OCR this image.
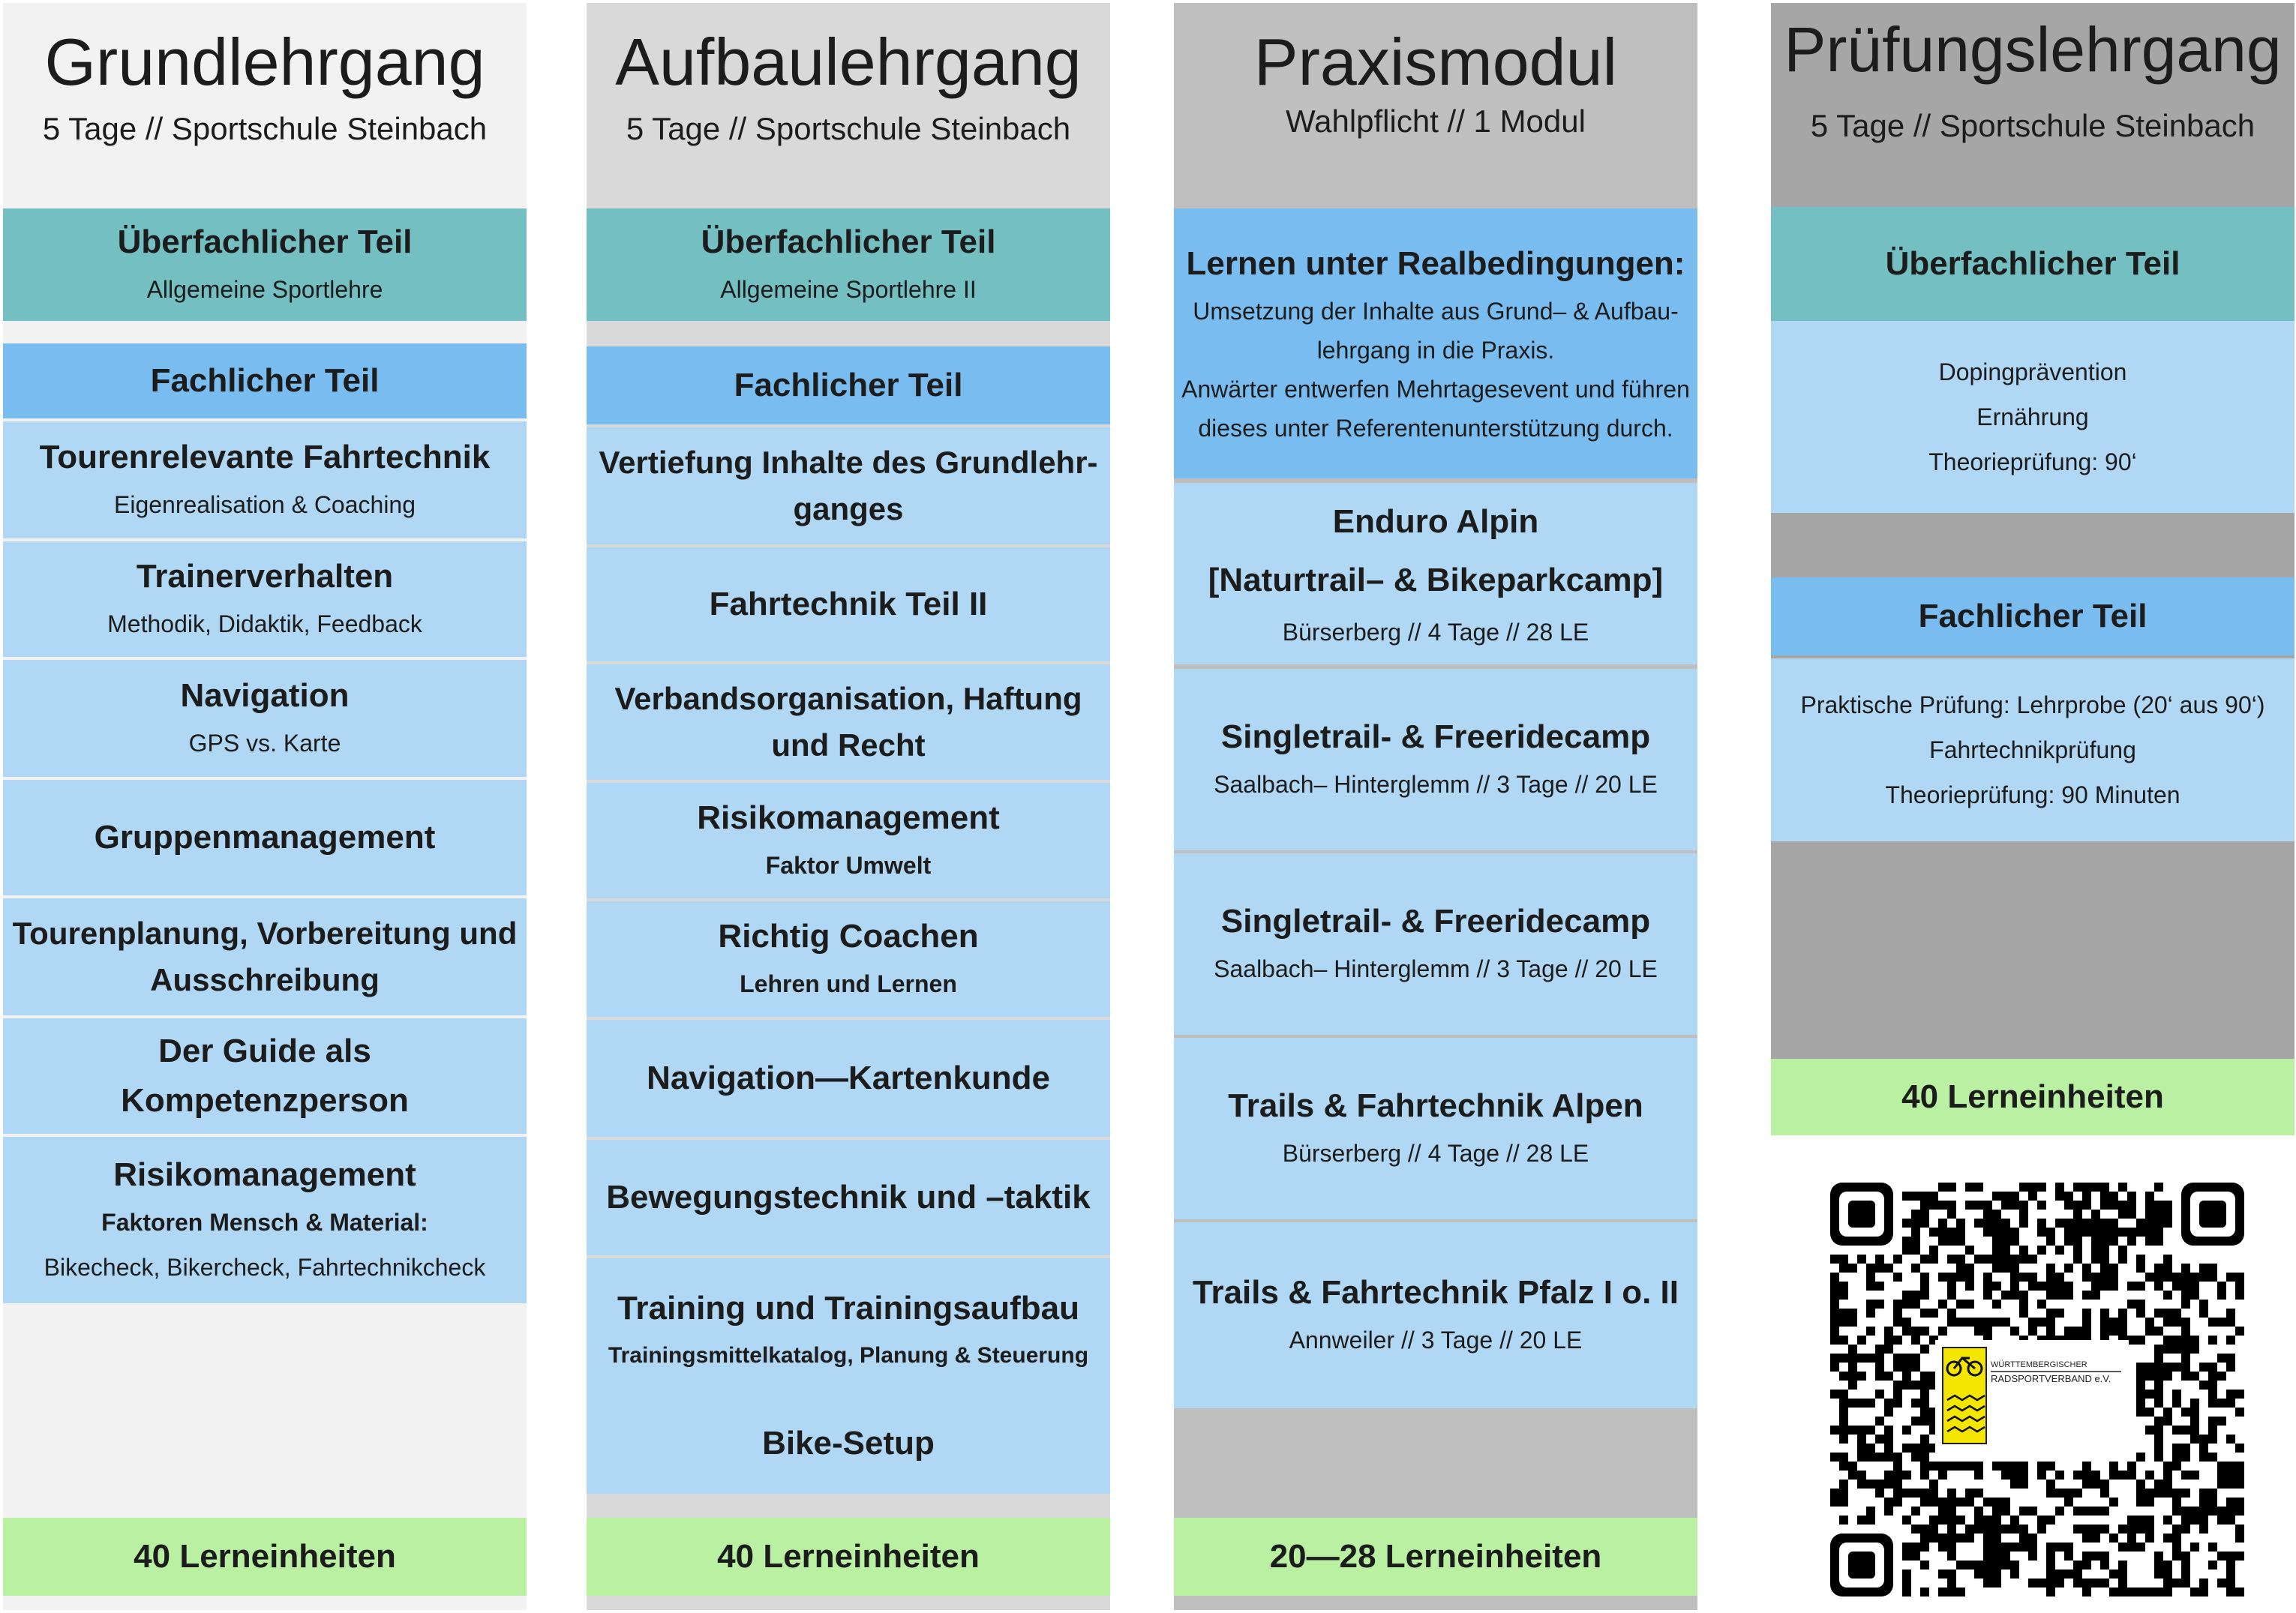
Grundlehrgang
5 Tage // Sportschule Steinbach
Überfachlicher Teil
Allgemeine Sportlehre
Fachlicher Teil
Tourenrelevante Fahrtechnik
Eigenrealisation & Coaching
Trainerverhalten
Methodik, Didaktik, Feedback
Navigation
GPS vs. Karte
Gruppenmanagement
Tourenplanung, Vorbereitung und
Ausschreibung
Der Guide als Kompetenzperson
Risikomanagement
Faktoren Mensch & Material:
Bikecheck, Bikercheck, Fahrtechnikcheck
40 Lerneinheiten
Aufbaulehrgang
5 Tage // Sportschule Steinbach
Überfachlicher Teil
Allgemeine Sportlehre II
Fachlicher Teil
Vertiefung Inhalte des Grundlehr-
ganges
Fahrtechnik Teil II
Verbandsorganisation, Haftung
und Recht
Risikomanagement
Faktor Umwelt
Richtig Coachen
Lehren und Lernen
Navigation—Kartenkunde
Bewegungstechnik und –taktik
Training und Trainingsaufbau
Trainingsmittelkatalog, Planung & Steuerung
Bike-Setup
40 Lerneinheiten
Praxismodul
Wahlpflicht // 1 Modul
Lernen unter Realbedingungen:
Umsetzung der Inhalte aus Grund– & Aufbau-
lehrgang in die Praxis.
Anwärter entwerfen Mehrtagesevent und führen
dieses unter Referentenunterstützung durch.
Enduro Alpin
[Naturtrail– & Bikeparkcamp]
Bürserberg // 4 Tage // 28 LE
Singletrail- & Freeridecamp
Saalbach– Hinterglemm // 3 Tage // 20 LE
Singletrail- & Freeridecamp
Saalbach– Hinterglemm // 3 Tage // 20 LE
Trails & Fahrtechnik Alpen
Bürserberg // 4 Tage // 28 LE
Trails & Fahrtechnik Pfalz I o. II
Annweiler // 3 Tage // 20 LE
20—28 Lerneinheiten
Prüfungslehrgang
5 Tage // Sportschule Steinbach
Überfachlicher Teil
Dopingprävention
Ernährung
Theorieprüfung: 90‘
Fachlicher Teil
Praktische Prüfung: Lehrprobe (20‘ aus 90‘)
Fahrtechnikprüfung
Theorieprüfung: 90 Minuten
40 Lerneinheiten
WÜRTTEMBERGISCHER
RADSPORTVERBAND e.V.
